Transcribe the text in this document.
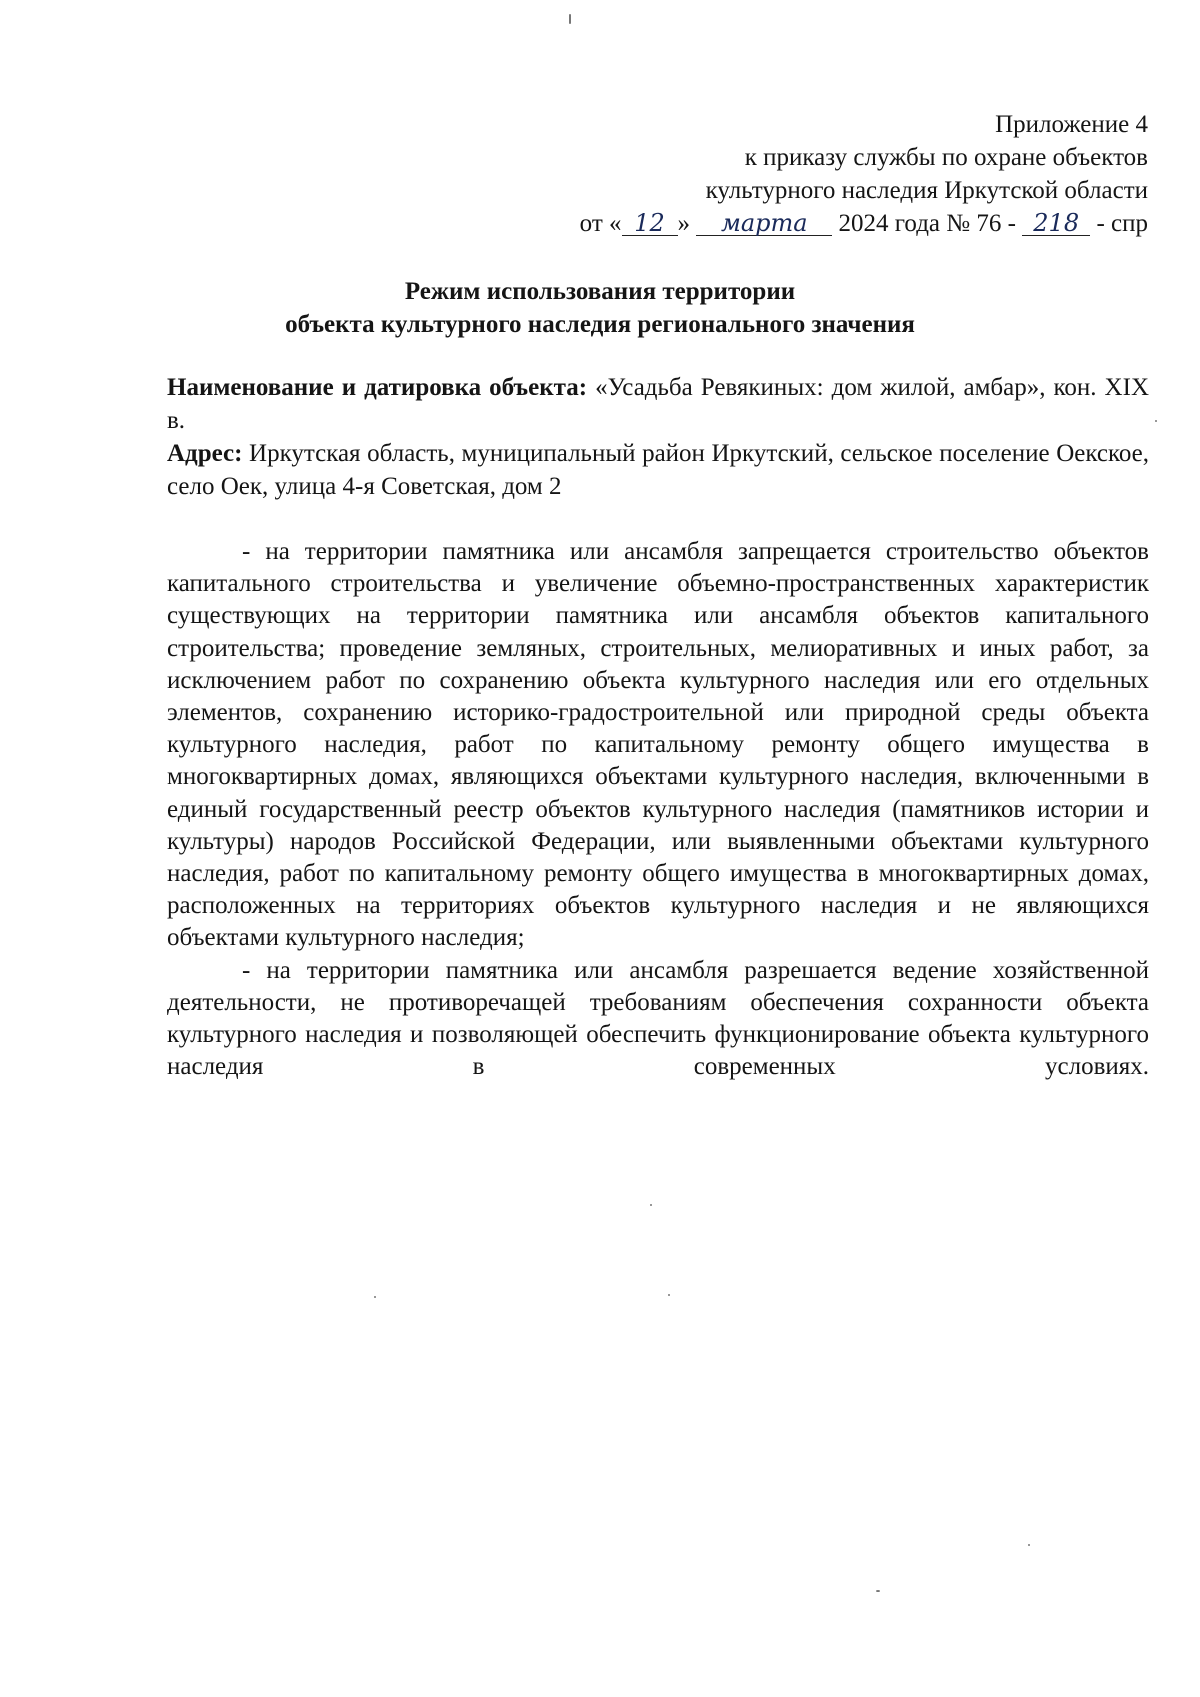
Приложение 4
к приказу службы по охране объектов
культурного наследия Иркутской области
от « 12 » марта 2024 года № 76 - 218 - спр
Режим использования территории
объекта культурного наследия регионального значения

Наименование и датировка объекта: «Усадьба Ревякиных: дом жилой, амбар», кон. XIX в.

Адрес: Иркутская область, муниципальный район Иркутский, сельское поселение Оекское, село Оек, улица 4-я Советская, дом 2

- на территории памятника или ансамбля запрещается строительство объектов капитального строительства и увеличение объемно-пространственных характеристик существующих на территории памятника или ансамбля объектов капитального строительства; проведение земляных, строительных, мелиоративных и иных работ, за исключением работ по сохранению объекта культурного наследия или его отдельных элементов, сохранению историко-градостроительной или природной среды объекта культурного наследия, работ по капитальному ремонту общего имущества в многоквартирных домах, являющихся объектами культурного наследия, включенными в единый государственный реестр объектов культурного наследия (памятников истории и культуры) народов Российской Федерации, или выявленными объектами культурного наследия, работ по капитальному ремонту общего имущества в многоквартирных домах, расположенных на территориях объектов культурного наследия и не являющихся объектами культурного наследия;

- на территории памятника или ансамбля разрешается ведение хозяйственной деятельности, не противоречащей требованиям обеспечения сохранности объекта культурного наследия и позволяющей обеспечить функционирование объекта культурного наследия в современных условиях.
